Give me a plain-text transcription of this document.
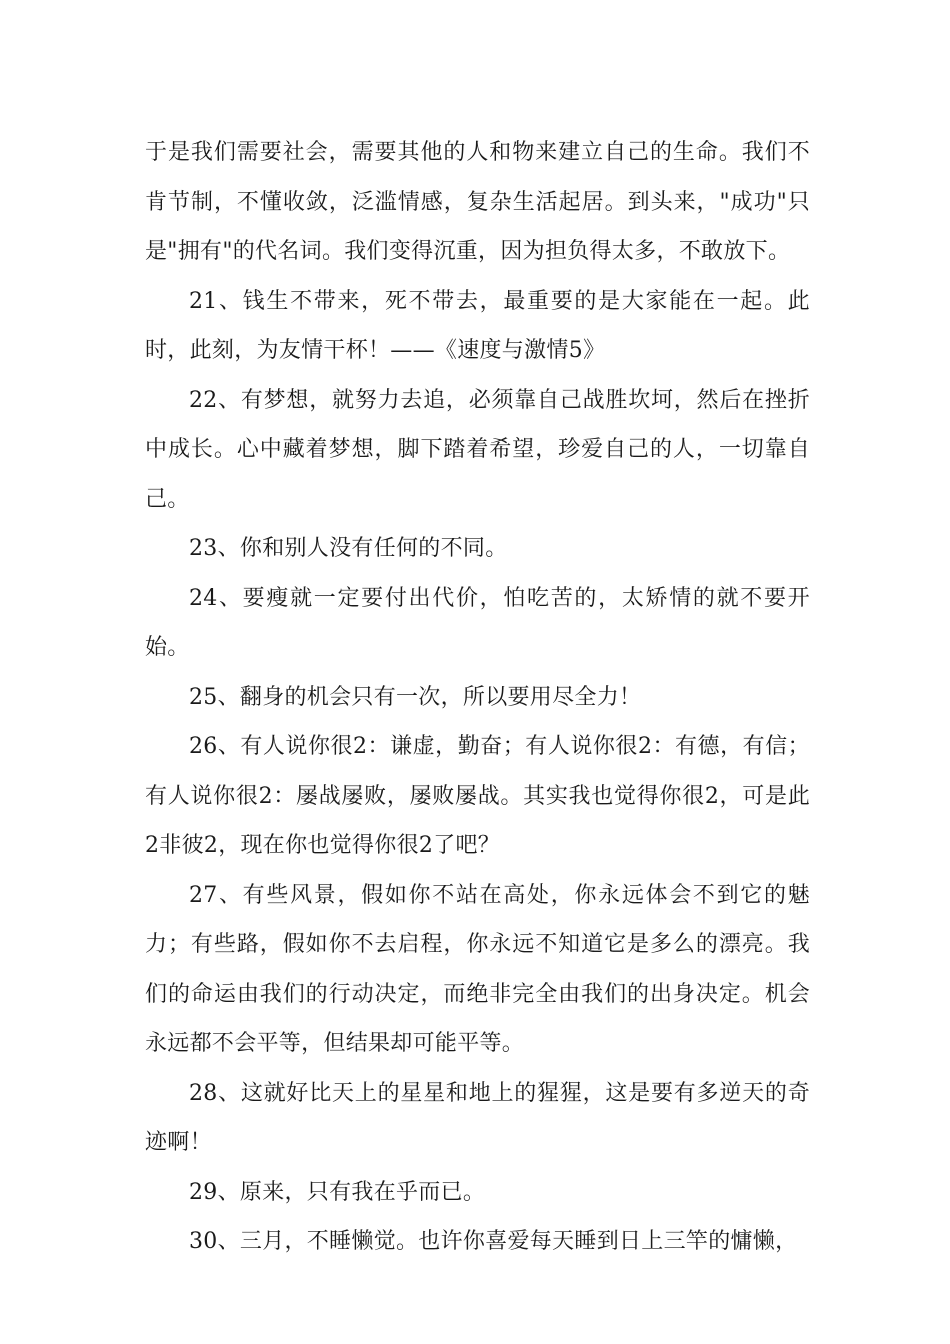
于是我们需要社会，需要其他的人和物来建立自己的生命。我们不肯节制，不懂收敛，泛滥情感，复杂生活起居。到头来，"成功"只是"拥有"的代名词。我们变得沉重，因为担负得太多，不敢放下。

21、钱生不带来，死不带去，最重要的是大家能在一起。此时，此刻，为友情干杯！——《速度与激情5》

22、有梦想，就努力去追，必须靠自己战胜坎坷，然后在挫折中成长。心中藏着梦想，脚下踏着希望，珍爱自己的人，一切靠自己。

23、你和别人没有任何的不同。

24、要瘦就一定要付出代价，怕吃苦的，太矫情的就不要开始。

25、翻身的机会只有一次，所以要用尽全力！

26、有人说你很2：谦虚，勤奋；有人说你很2：有德，有信；有人说你很2：屡战屡败，屡败屡战。其实我也觉得你很2，可是此2非彼2，现在你也觉得你很2了吧？

27、有些风景，假如你不站在高处，你永远体会不到它的魅力；有些路，假如你不去启程，你永远不知道它是多么的漂亮。我们的命运由我们的行动决定，而绝非完全由我们的出身决定。机会永远都不会平等，但结果却可能平等。

28、这就好比天上的星星和地上的猩猩，这是要有多逆天的奇迹啊！

29、原来，只有我在乎而已。

30、三月，不睡懒觉。也许你喜爱每天睡到日上三竿的慵懒，
